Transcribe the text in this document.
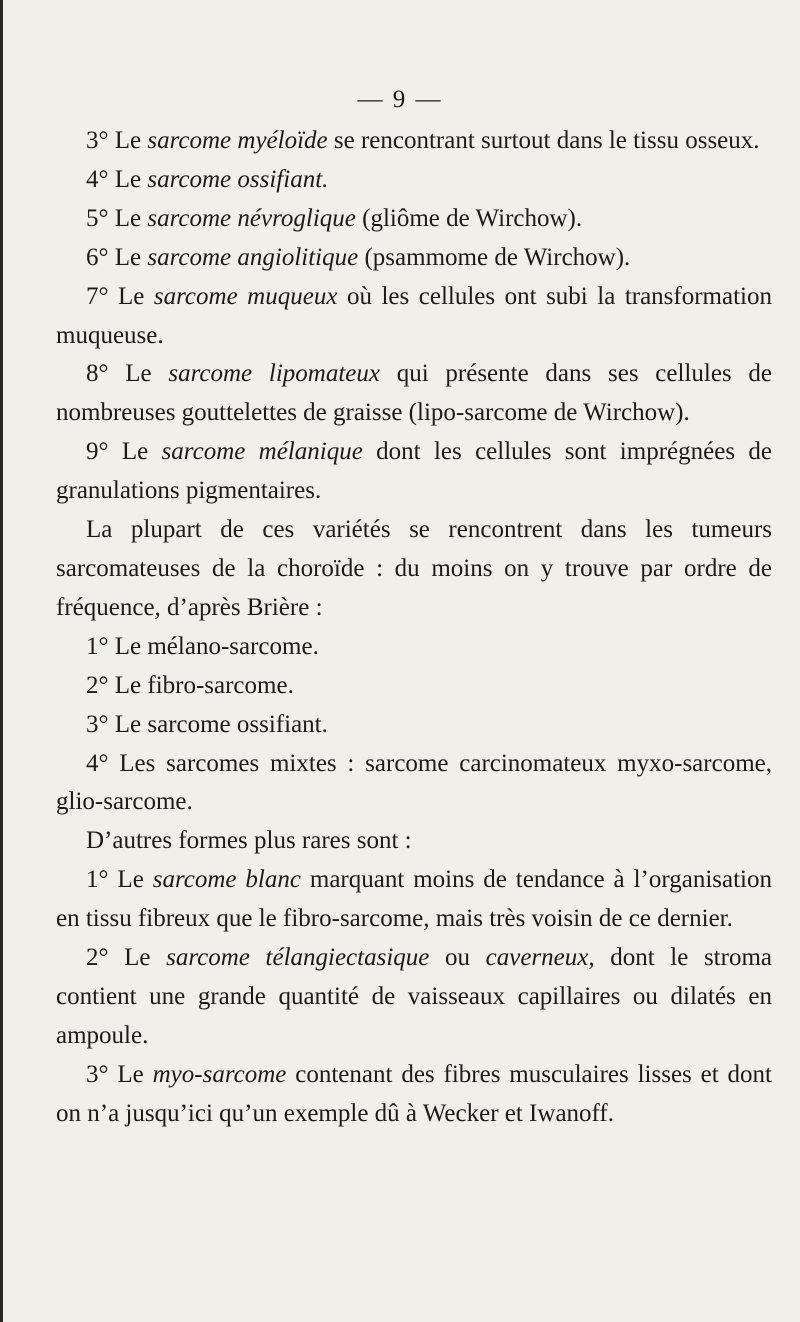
— 9 —

3° Le sarcome myéloïde se rencontrant surtout dans le tissu osseux.

4° Le sarcome ossifiant.

5° Le sarcome névroglique (gliôme de Wirchow).

6° Le sarcome angiolitique (psammome de Wirchow).

7° Le sarcome muqueux où les cellules ont subi la transformation muqueuse.

8° Le sarcome lipomateux qui présente dans ses cellules de nombreuses gouttelettes de graisse (lipo-sarcome de Wirchow).

9° Le sarcome mélanique dont les cellules sont imprégnées de granulations pigmentaires.

La plupart de ces variétés se rencontrent dans les tumeurs sarcomateuses de la choroïde : du moins on y trouve par ordre de fréquence, d’après Brière :

1° Le mélano-sarcome.

2° Le fibro-sarcome.

3° Le sarcome ossifiant.

4° Les sarcomes mixtes : sarcome carcinomateux myxo-sarcome, glio-sarcome.

D’autres formes plus rares sont :

1° Le sarcome blanc marquant moins de tendance à l’organisation en tissu fibreux que le fibro-sarcome, mais très voisin de ce dernier.

2° Le sarcome télangiectasique ou caverneux, dont le stroma contient une grande quantité de vaisseaux capillaires ou dilatés en ampoule.

3° Le myo-sarcome contenant des fibres musculaires lisses et dont on n’a jusqu’ici qu’un exemple dû à Wecker et Iwanoff.
